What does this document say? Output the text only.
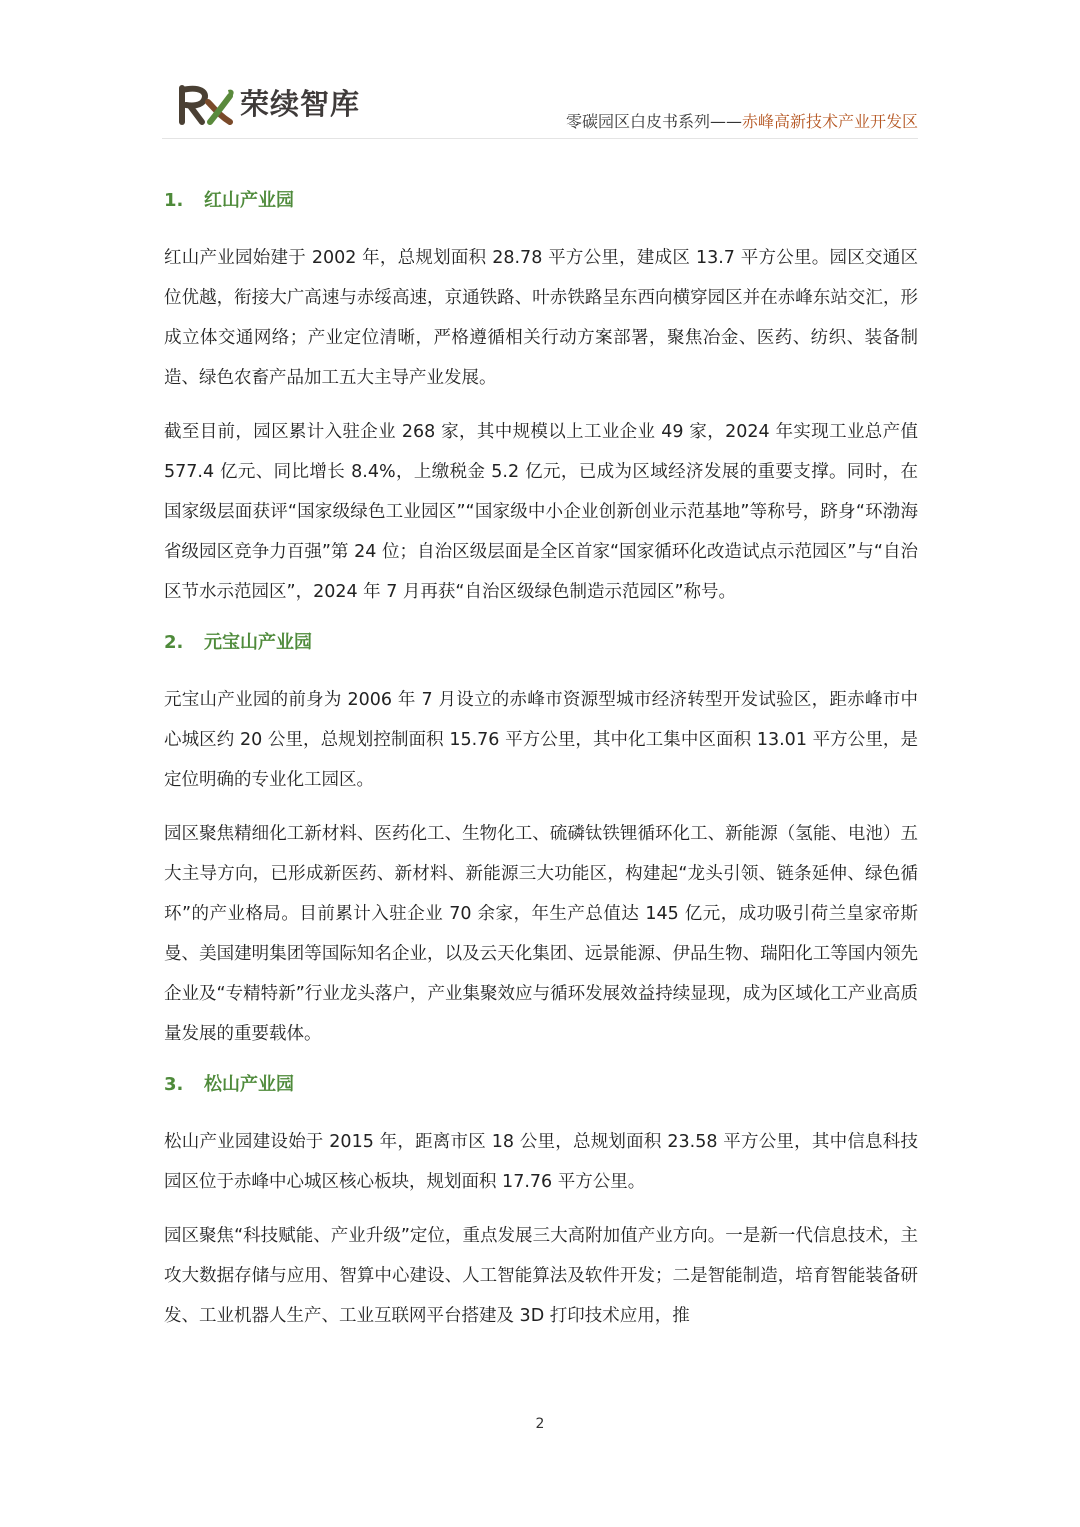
荣续智库
零碳园区白皮书系列——赤峰高新技术产业开发区
1.	红山产业园

红山产业园始建于 2002 年，总规划面积 28.78 平方公里，建成区 13.7 平方公里。园区交通区位优越，衔接大广高速与赤绥高速，京通铁路、叶赤铁路呈东西向横穿园区并在赤峰东站交汇，形成立体交通网络；产业定位清晰，严格遵循相关行动方案部署，聚焦冶金、医药、纺织、装备制造、绿色农畜产品加工五大主导产业发展。

截至目前，园区累计入驻企业 268 家，其中规模以上工业企业 49 家，2024 年实现工业总产值 577.4 亿元、同比增长 8.4%，上缴税金 5.2 亿元，已成为区域经济发展的重要支撑。同时，在国家级层面获评“国家级绿色工业园区”“国家级中小企业创新创业示范基地”等称号，跻身“环渤海省级园区竞争力百强”第 24 位；自治区级层面是全区首家“国家循环化改造试点示范园区”与“自治区节水示范园区”，2024 年 7 月再获“自治区级绿色制造示范园区”称号。

2.	元宝山产业园

元宝山产业园的前身为 2006 年 7 月设立的赤峰市资源型城市经济转型开发试验区，距赤峰市中心城区约 20 公里，总规划控制面积 15.76 平方公里，其中化工集中区面积 13.01 平方公里，是定位明确的专业化工园区。

园区聚焦精细化工新材料、医药化工、生物化工、硫磷钛铁锂循环化工、新能源（氢能、电池）五大主导方向，已形成新医药、新材料、新能源三大功能区，构建起“龙头引领、链条延伸、绿色循环”的产业格局。目前累计入驻企业 70 余家，年生产总值达 145 亿元，成功吸引荷兰皇家帝斯曼、美国建明集团等国际知名企业，以及云天化集团、远景能源、伊品生物、瑞阳化工等国内领先企业及“专精特新”行业龙头落户，产业集聚效应与循环发展效益持续显现，成为区域化工产业高质量发展的重要载体。

3.	松山产业园

松山产业园建设始于 2015 年，距离市区 18 公里，总规划面积 23.58 平方公里，其中信息科技园区位于赤峰中心城区核心板块，规划面积 17.76 平方公里。

园区聚焦“科技赋能、产业升级”定位，重点发展三大高附加值产业方向。一是新一代信息技术，主攻大数据存储与应用、智算中心建设、人工智能算法及软件开发；二是智能制造，培育智能装备研发、工业机器人生产、工业互联网平台搭建及 3D 打印技术应用，推

2
